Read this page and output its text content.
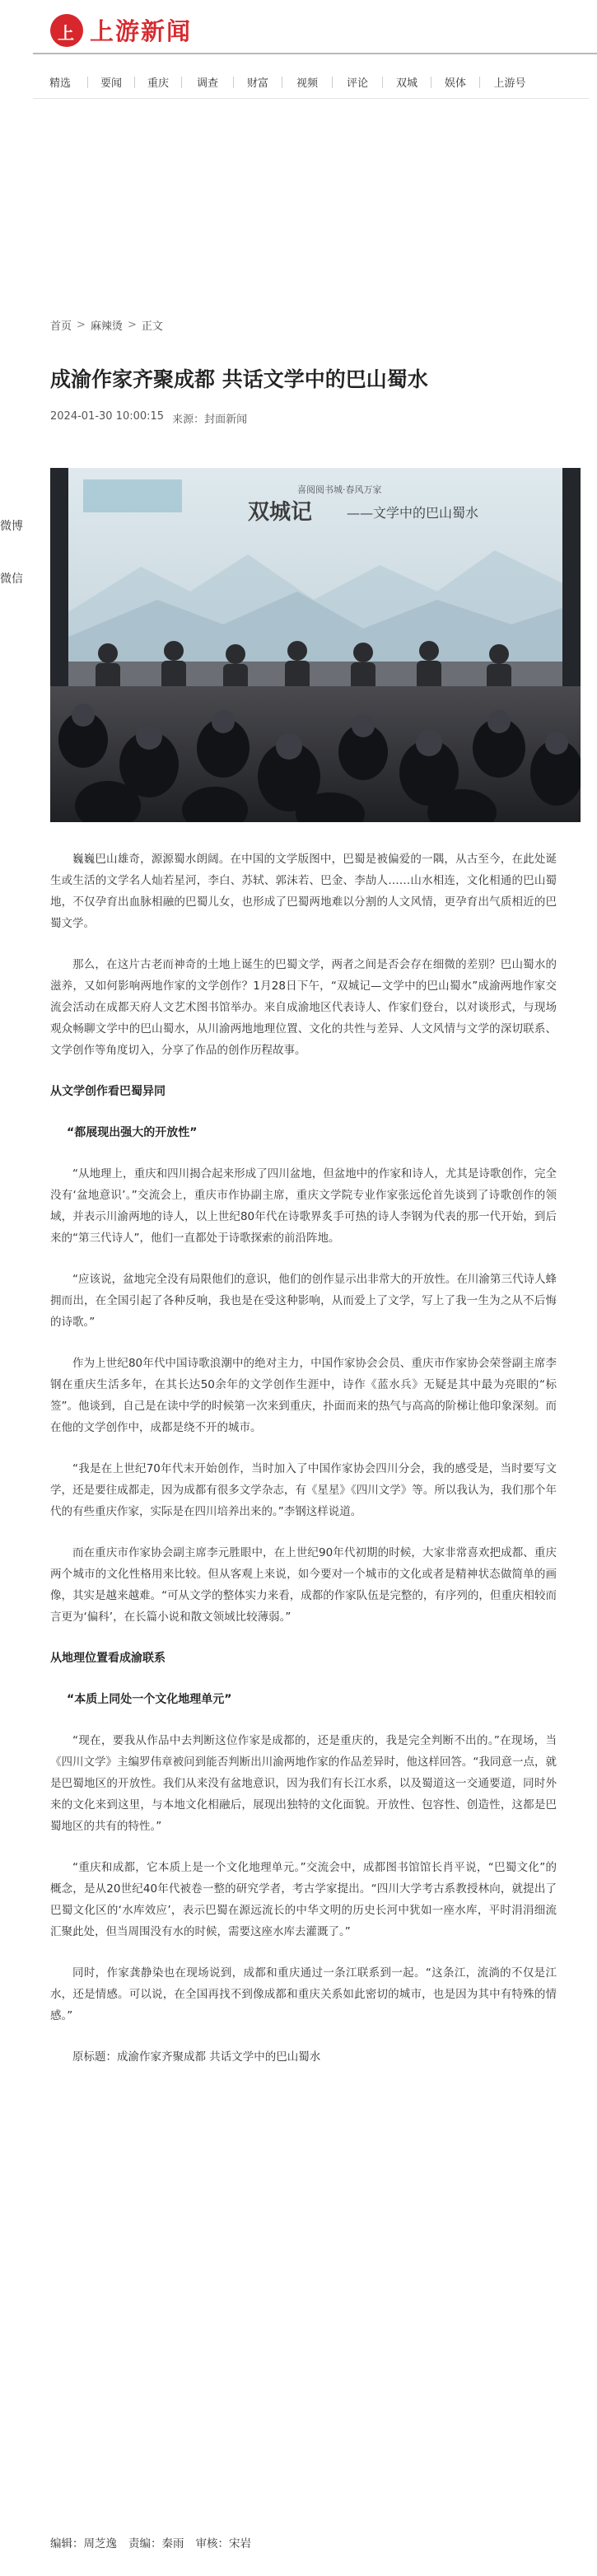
上 上游新闻
精选	要闻	重庆	调查	财富	视频	评论	双城	娱体	上游号
首页 > 麻辣烫 > 正文
成渝作家齐聚成都 共话文学中的巴山蜀水
2024-01-30 10:00:15 来源：封面新闻
微博
微信
喜阅阅书城·春风万家
双城记	——文学中的巴山蜀水

巍巍巴山雄奇，源源蜀水朗阔。在中国的文学版图中，巴蜀是被偏爱的一隅，从古至今，在此处诞生或生活的文学名人灿若星河，李白、苏轼、郭沫若、巴金、李劼人……山水相连，文化相通的巴山蜀地，不仅孕育出血脉相融的巴蜀儿女，也形成了巴蜀两地难以分割的人文风情，更孕育出气质相近的巴蜀文学。

那么，在这片古老而神奇的土地上诞生的巴蜀文学，两者之间是否会存在细微的差别？巴山蜀水的滋养，又如何影响两地作家的文学创作？1月28日下午，“双城记—文学中的巴山蜀水”成渝两地作家交流会活动在成都天府人文艺术图书馆举办。来自成渝地区代表诗人、作家们登台，以对谈形式，与现场观众畅聊文学中的巴山蜀水，从川渝两地地理位置、文化的共性与差异、人文风情与文学的深切联系、文学创作等角度切入，分享了作品的创作历程故事。

从文学创作看巴蜀异同
“都展现出强大的开放性”

“从地理上，重庆和四川揭合起来形成了四川盆地，但盆地中的作家和诗人，尤其是诗歌创作，完全没有‘盆地意识’。”交流会上，重庆市作协副主席，重庆文学院专业作家张远伦首先谈到了诗歌创作的领域，并表示川渝两地的诗人，以上世纪80年代在诗歌界炙手可热的诗人李钢为代表的那一代开始，到后来的“第三代诗人”，他们一直都处于诗歌探索的前沿阵地。

“应该说，盆地完全没有局限他们的意识，他们的创作显示出非常大的开放性。在川渝第三代诗人蜂拥而出，在全国引起了各种反响，我也是在受这种影响，从而爱上了文学，写上了我一生为之从不后悔的诗歌。”

作为上世纪80年代中国诗歌浪潮中的绝对主力，中国作家协会会员、重庆市作家协会荣誉副主席李钢在重庆生活多年，在其长达50余年的文学创作生涯中，诗作《蓝水兵》无疑是其中最为亮眼的“标签”。他谈到，自己是在读中学的时候第一次来到重庆，扑面而来的热气与高高的阶梯让他印象深刻。而在他的文学创作中，成都是绕不开的城市。

“我是在上世纪70年代末开始创作，当时加入了中国作家协会四川分会，我的感受是，当时要写文学，还是要往成都走，因为成都有很多文学杂志，有《星星》《四川文学》等。所以我认为，我们那个年代的有些重庆作家，实际是在四川培养出来的。”李钢这样说道。

而在重庆市作家协会副主席李元胜眼中，在上世纪90年代初期的时候，大家非常喜欢把成都、重庆两个城市的文化性格用来比较。但从客观上来说，如今要对一个城市的文化或者是精神状态做简单的画像，其实是越来越难。“可从文学的整体实力来看，成都的作家队伍是完整的，有序列的，但重庆相较而言更为‘偏科’，在长篇小说和散文领域比较薄弱。”

从地理位置看成渝联系
“本质上同处一个文化地理单元”

“现在，要我从作品中去判断这位作家是成都的，还是重庆的，我是完全判断不出的。”在现场，当《四川文学》主编罗伟章被问到能否判断出川渝两地作家的作品差异时，他这样回答。“我同意一点，就是巴蜀地区的开放性。我们从来没有盆地意识，因为我们有长江水系，以及蜀道这一交通要道，同时外来的文化来到这里，与本地文化相融后，展现出独特的文化面貌。开放性、包容性、创造性，这都是巴蜀地区的共有的特性。”

“重庆和成都，它本质上是一个文化地理单元。”交流会中，成都图书馆馆长肖平说，“巴蜀文化”的概念，是从20世纪40年代被卷一整的研究学者，考古学家提出。“四川大学考古系教授林向，就提出了巴蜀文化区的‘水库效应’，表示巴蜀在源远流长的中华文明的历史长河中犹如一座水库，平时涓涓细流汇聚此处，但当周围没有水的时候，需要这座水库去灌溉了。”

同时，作家龚静染也在现场说到，成都和重庆通过一条江联系到一起。“这条江，流淌的不仅是江水，还是情感。可以说，在全国再找不到像成都和重庆关系如此密切的城市，也是因为其中有特殊的情感。”

原标题：成渝作家齐聚成都 共话文学中的巴山蜀水

编辑：周芝逸 责编：秦雨 审核：宋岩
